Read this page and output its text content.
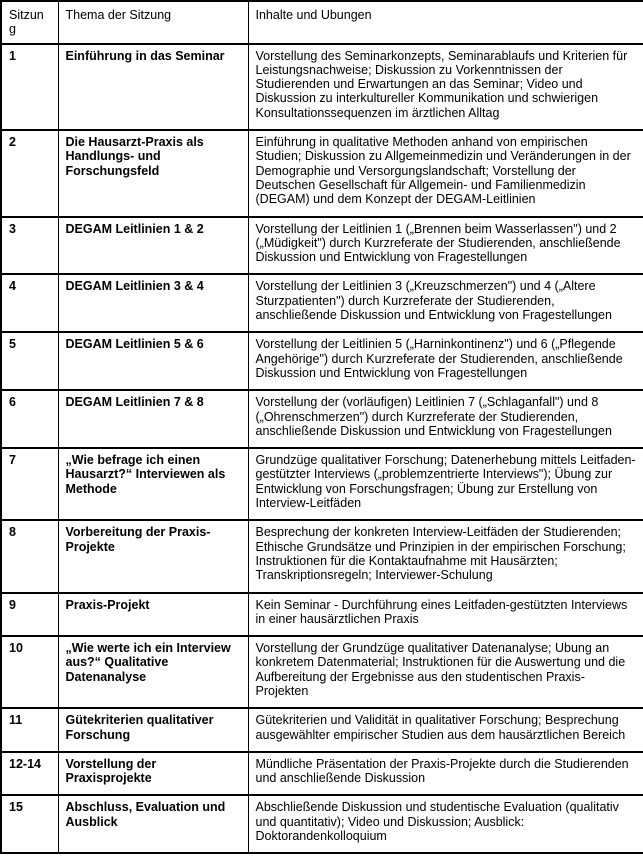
Sitzung	Thema der Sitzung	Inhalte und Ubungen
1	Einführung in das Seminar	Vorstellung des Seminarkonzepts, Seminarablaufs und Kriterien für Leistungsnachweise; Diskussion zu Vorkenntnissen der Studierenden und Erwartungen an das Seminar; Video und Diskussion zu interkultureller Kommunikation und schwierigen Konsultationssequenzen im ärztlichen Alltag
2	Die Hausarzt-Praxis als Handlungs- und Forschungsfeld	Einführung in qualitative Methoden anhand von empirischen Studien; Diskussion zu Allgemeinmedizin und Veränderungen in der Demographie und Versorgungslandschaft; Vorstellung der Deutschen Gesellschaft für Allgemein- und Familienmedizin (DEGAM) und dem Konzept der DEGAM-Leitlinien
3	DEGAM Leitlinien 1 & 2	Vorstellung der Leitlinien 1 („Brennen beim Wasserlassen") und 2 („Müdigkeit") durch Kurzreferate der Studierenden, anschließende Diskussion und Entwicklung von Fragestellungen
4	DEGAM Leitlinien 3 & 4	Vorstellung der Leitlinien 3 („Kreuzschmerzen") und 4 („Altere Sturzpatienten") durch Kurzreferate der Studierenden, anschließende Diskussion und Entwicklung von Fragestellungen
5	DEGAM Leitlinien 5 & 6	Vorstellung der Leitlinien 5 („Harninkontinenz") und 6 („Pflegende Angehörige") durch Kurzreferate der Studierenden, anschließende Diskussion und Entwicklung von Fragestellungen
6	DEGAM Leitlinien 7 & 8	Vorstellung der (vorläufigen) Leitlinien 7 („Schlaganfall") und 8 („Ohrenschmerzen") durch Kurzreferate der Studierenden, anschließende Diskussion und Entwicklung von Fragestellungen
7	„Wie befrage ich einen Hausarzt?“ Interviewen als Methode	Grundzüge qualitativer Forschung; Datenerhebung mittels Leitfaden-gestützter Interviews („problemzentrierte Interviews"); Übung zur Entwicklung von Forschungsfragen; Übung zur Erstellung von Interview-Leitfäden
8	Vorbereitung der Praxis-Projekte	Besprechung der konkreten Interview-Leitfäden der Studierenden; Ethische Grundsätze und Prinzipien in der empirischen Forschung; Instruktionen für die Kontaktaufnahme mit Hausärzten; Transkriptionsregeln; Interviewer-Schulung
9	Praxis-Projekt	Kein Seminar - Durchführung eines Leitfaden-gestützten Interviews in einer hausärztlichen Praxis
10	„Wie werte ich ein Interview aus?“ Qualitative Datenanalyse	Vorstellung der Grundzüge qualitativer Datenanalyse; Ubung an konkretem Datenmaterial; Instruktionen für die Auswertung und die Aufbereitung der Ergebnisse aus den studentischen Praxis-Projekten
11	Gütekriterien qualitativer Forschung	Gütekriterien und Validität in qualitativer Forschung; Besprechung ausgewählter empirischer Studien aus dem hausärztlichen Bereich
12-14	Vorstellung der Praxisprojekte	Mündliche Präsentation der Praxis-Projekte durch die Studierenden und anschließende Diskussion
15	Abschluss, Evaluation und Ausblick	Abschließende Diskussion und studentische Evaluation (qualitativ und quantitativ); Video und Diskussion; Ausblick: Doktorandenkolloquium
